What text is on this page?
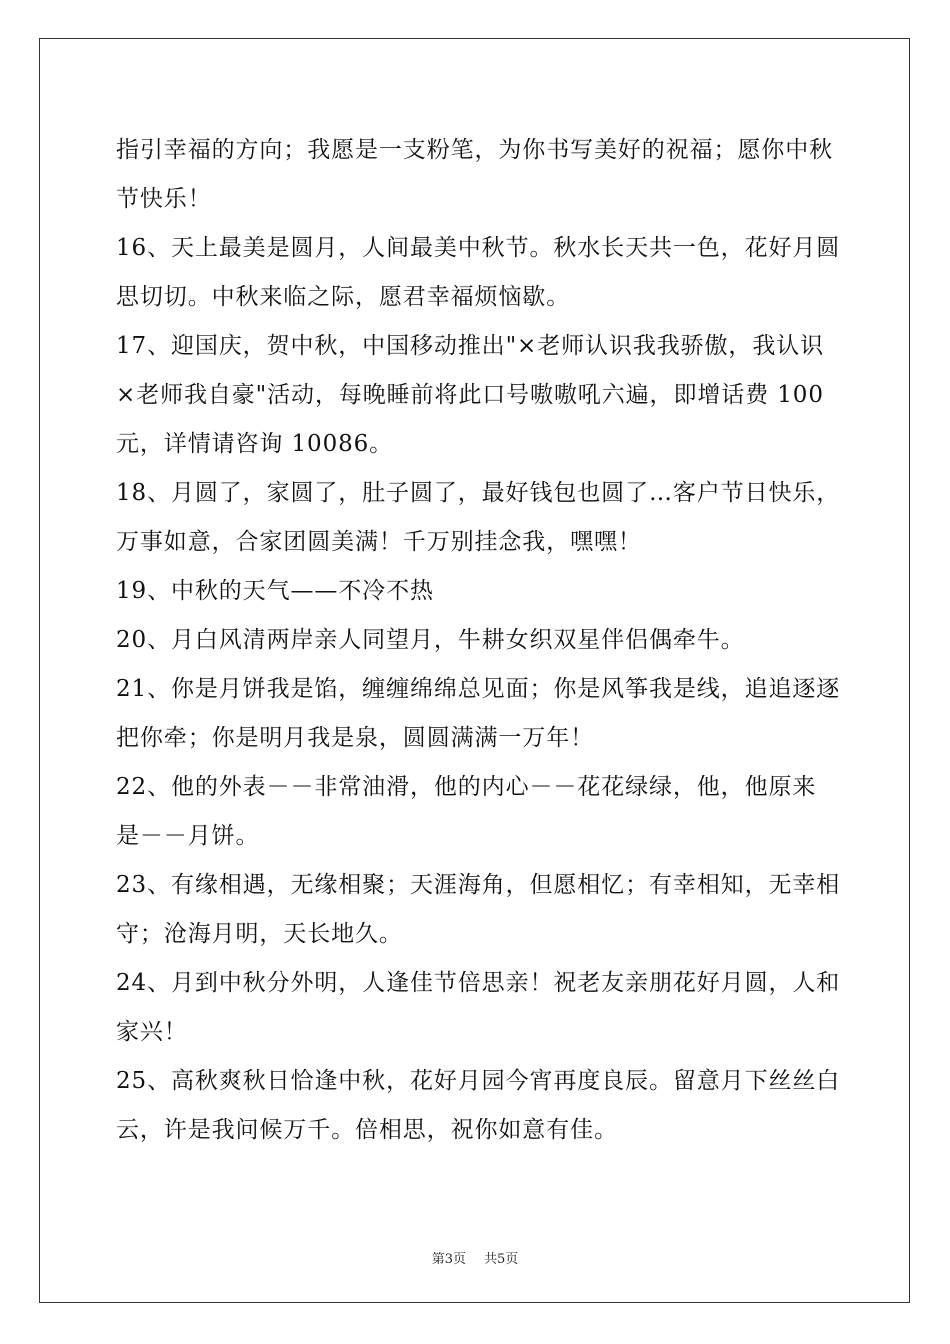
指引幸福的方向；我愿是一支粉笔，为你书写美好的祝福；愿你中秋
节快乐！
16、天上最美是圆月，人间最美中秋节。秋水长天共一色，花好月圆
思切切。中秋来临之际，愿君幸福烦恼歇。
17、迎国庆，贺中秋，中国移动推出"×老师认识我我骄傲，我认识
×老师我自豪"活动，每晚睡前将此口号嗷嗷吼六遍，即增话费 100
元，详情请咨询 10086。
18、月圆了，家圆了，肚子圆了，最好钱包也圆了…客户节日快乐，
万事如意，合家团圆美满！千万别挂念我，嘿嘿！
19、中秋的天气——不冷不热
20、月白风清两岸亲人同望月，牛耕女织双星伴侣偶牵牛。
21、你是月饼我是馅，缠缠绵绵总见面；你是风筝我是线，追追逐逐
把你牵；你是明月我是泉，圆圆满满一万年！
22、他的外表－－非常油滑，他的内心－－花花绿绿，他，他原来
是－－月饼。
23、有缘相遇，无缘相聚；天涯海角，但愿相忆；有幸相知，无幸相
守；沧海月明，天长地久。
24、月到中秋分外明，人逢佳节倍思亲！祝老友亲朋花好月圆，人和
家兴！
25、高秋爽秋日恰逢中秋，花好月园今宵再度良辰。留意月下丝丝白
云，许是我问候万千。倍相思，祝你如意有佳。

第3页 共5页
